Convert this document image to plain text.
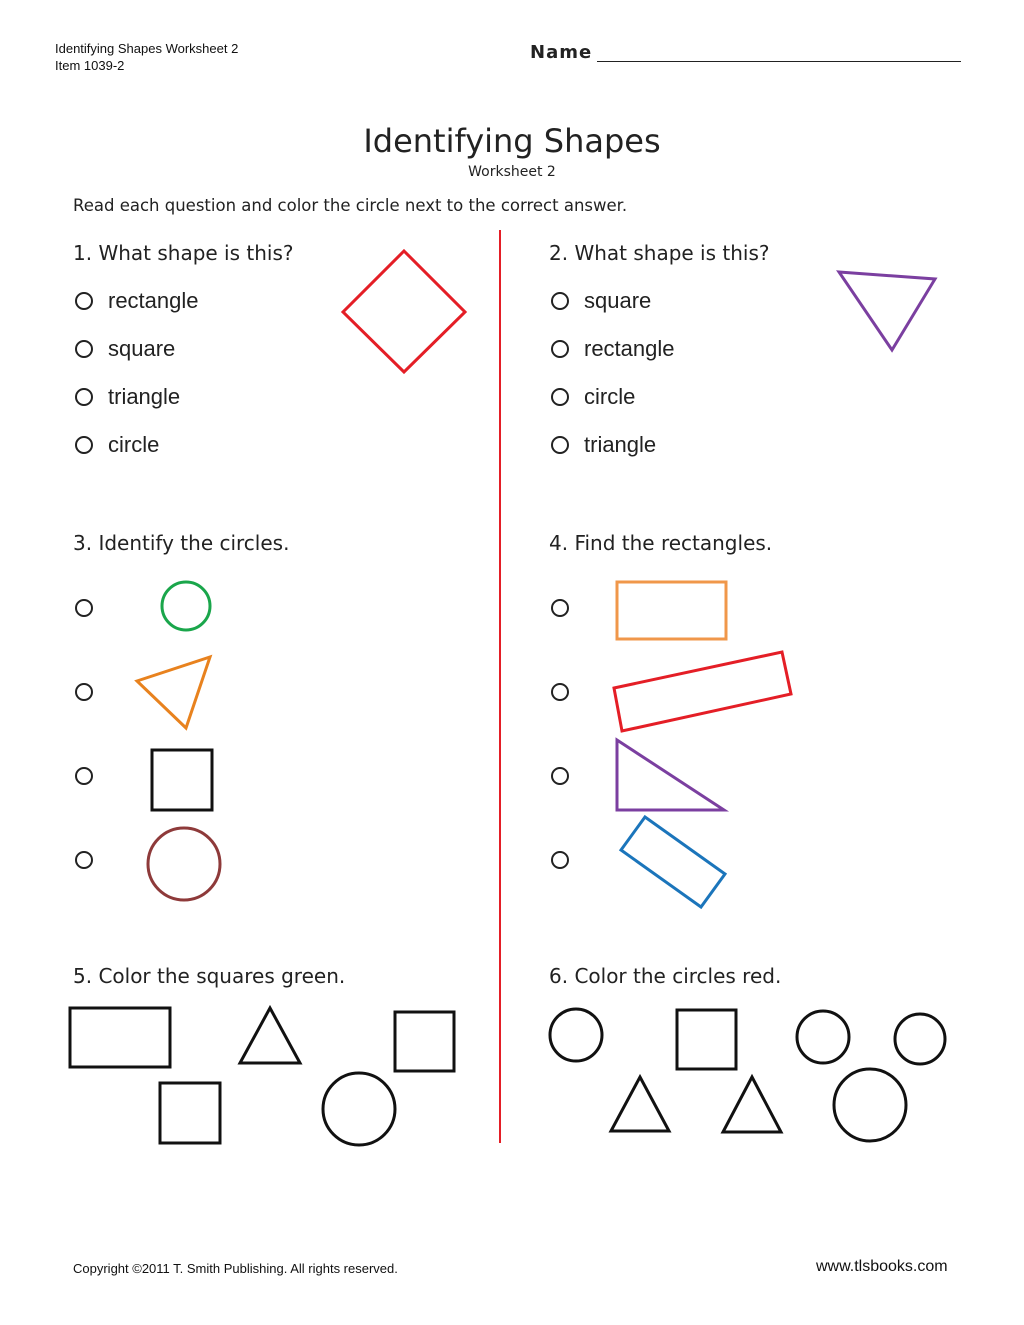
Identifying Shapes Worksheet 2
Item 1039-2
Name
Identifying Shapes
Worksheet 2
Read each question and color the circle next to the correct answer.
1. What shape is this?
rectangle
square
triangle
circle
2. What shape is this?
square
rectangle
circle
triangle
3. Identify the circles.	4. Find the rectangles.
5. Color the squares green.	6. Color the circles red.
Copyright ©2011 T. Smith Publishing. All rights reserved.	www.tlsbooks.com
